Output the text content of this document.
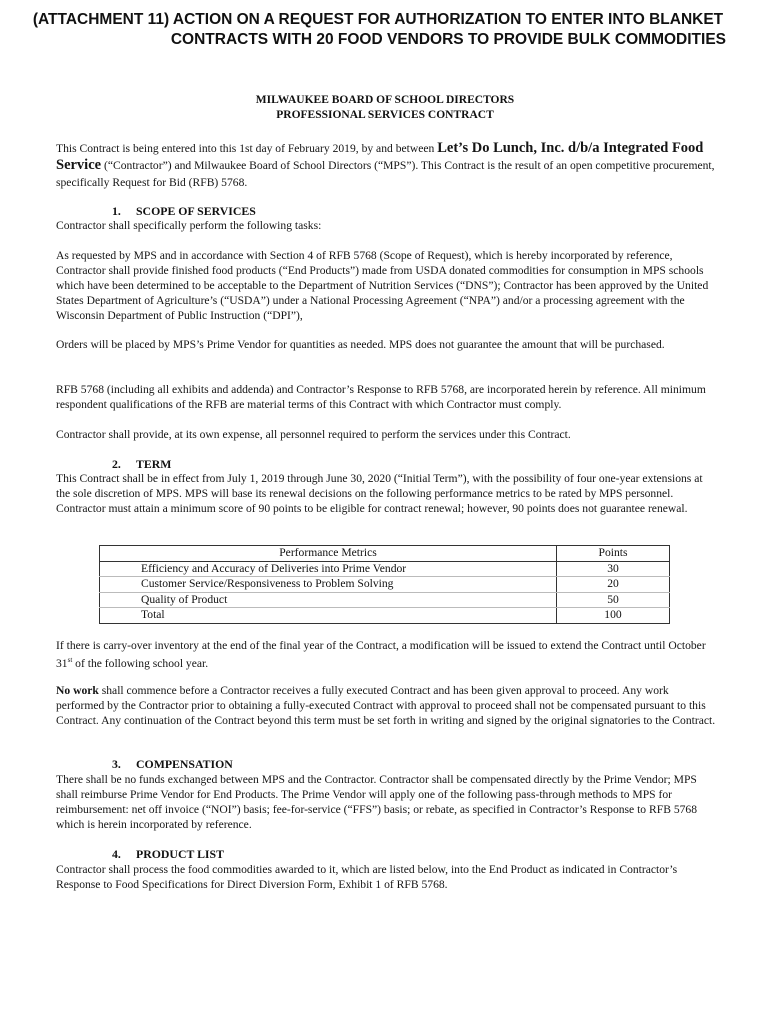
(ATTACHMENT 11) ACTION ON A REQUEST FOR AUTHORIZATION TO ENTER INTO BLANKET
CONTRACTS WITH 20 FOOD VENDORS TO PROVIDE BULK COMMODITIES
MILWAUKEE BOARD OF SCHOOL DIRECTORS
PROFESSIONAL SERVICES CONTRACT

This Contract is being entered into this 1st day of February 2019, by and between Let’s Do Lunch, Inc. d/b/a Integrated Food Service (“Contractor”) and Milwaukee Board of School Directors (“MPS”). This Contract is the result of an open competitive procurement, specifically Request for Bid (RFB) 5768.

1. SCOPE OF SERVICES

Contractor shall specifically perform the following tasks:

As requested by MPS and in accordance with Section 4 of RFB 5768 (Scope of Request), which is hereby incorporated by reference, Contractor shall provide finished food products (“End Products”) made from USDA donated commodities for consumption in MPS schools which have been determined to be acceptable to the Department of Nutrition Services (“DNS”); Contractor has been approved by the United States Department of Agriculture’s (“USDA”) under a National Processing Agreement (“NPA”) and/or a processing agreement with the Wisconsin Department of Public Instruction (“DPI”),

Orders will be placed by MPS’s Prime Vendor for quantities as needed. MPS does not guarantee the amount that will be purchased.

RFB 5768 (including all exhibits and addenda) and Contractor’s Response to RFB 5768, are incorporated herein by reference. All minimum respondent qualifications of the RFB are material terms of this Contract with which Contractor must comply.

Contractor shall provide, at its own expense, all personnel required to perform the services under this Contract.

2. TERM

This Contract shall be in effect from July 1, 2019 through June 30, 2020 (“Initial Term”), with the possibility of four one-year extensions at the sole discretion of MPS. MPS will base its renewal decisions on the following performance metrics to be rated by MPS personnel. Contractor must attain a minimum score of 90 points to be eligible for contract renewal; however, 90 points does not guarantee renewal.

Performance Metrics	Points
Efficiency and Accuracy of Deliveries into Prime Vendor	30
Customer Service/Responsiveness to Problem Solving	20
Quality of Product	50
Total	100

If there is carry-over inventory at the end of the final year of the Contract, a modification will be issued to extend the Contract until October 31st of the following school year.

No work shall commence before a Contractor receives a fully executed Contract and has been given approval to proceed. Any work performed by the Contractor prior to obtaining a fully-executed Contract with approval to proceed shall not be compensated pursuant to this Contract. Any continuation of the Contract beyond this term must be set forth in writing and signed by the original signatories to the Contract.

3. COMPENSATION

There shall be no funds exchanged between MPS and the Contractor. Contractor shall be compensated directly by the Prime Vendor; MPS shall reimburse Prime Vendor for End Products. The Prime Vendor will apply one of the following pass-through methods to MPS for reimbursement: net off invoice (“NOI”) basis; fee-for-service (“FFS”) basis; or rebate, as specified in Contractor’s Response to RFB 5768 which is herein incorporated by reference.

4. PRODUCT LIST

Contractor shall process the food commodities awarded to it, which are listed below, into the End Product as indicated in Contractor’s Response to Food Specifications for Direct Diversion Form, Exhibit 1 of RFB 5768.
